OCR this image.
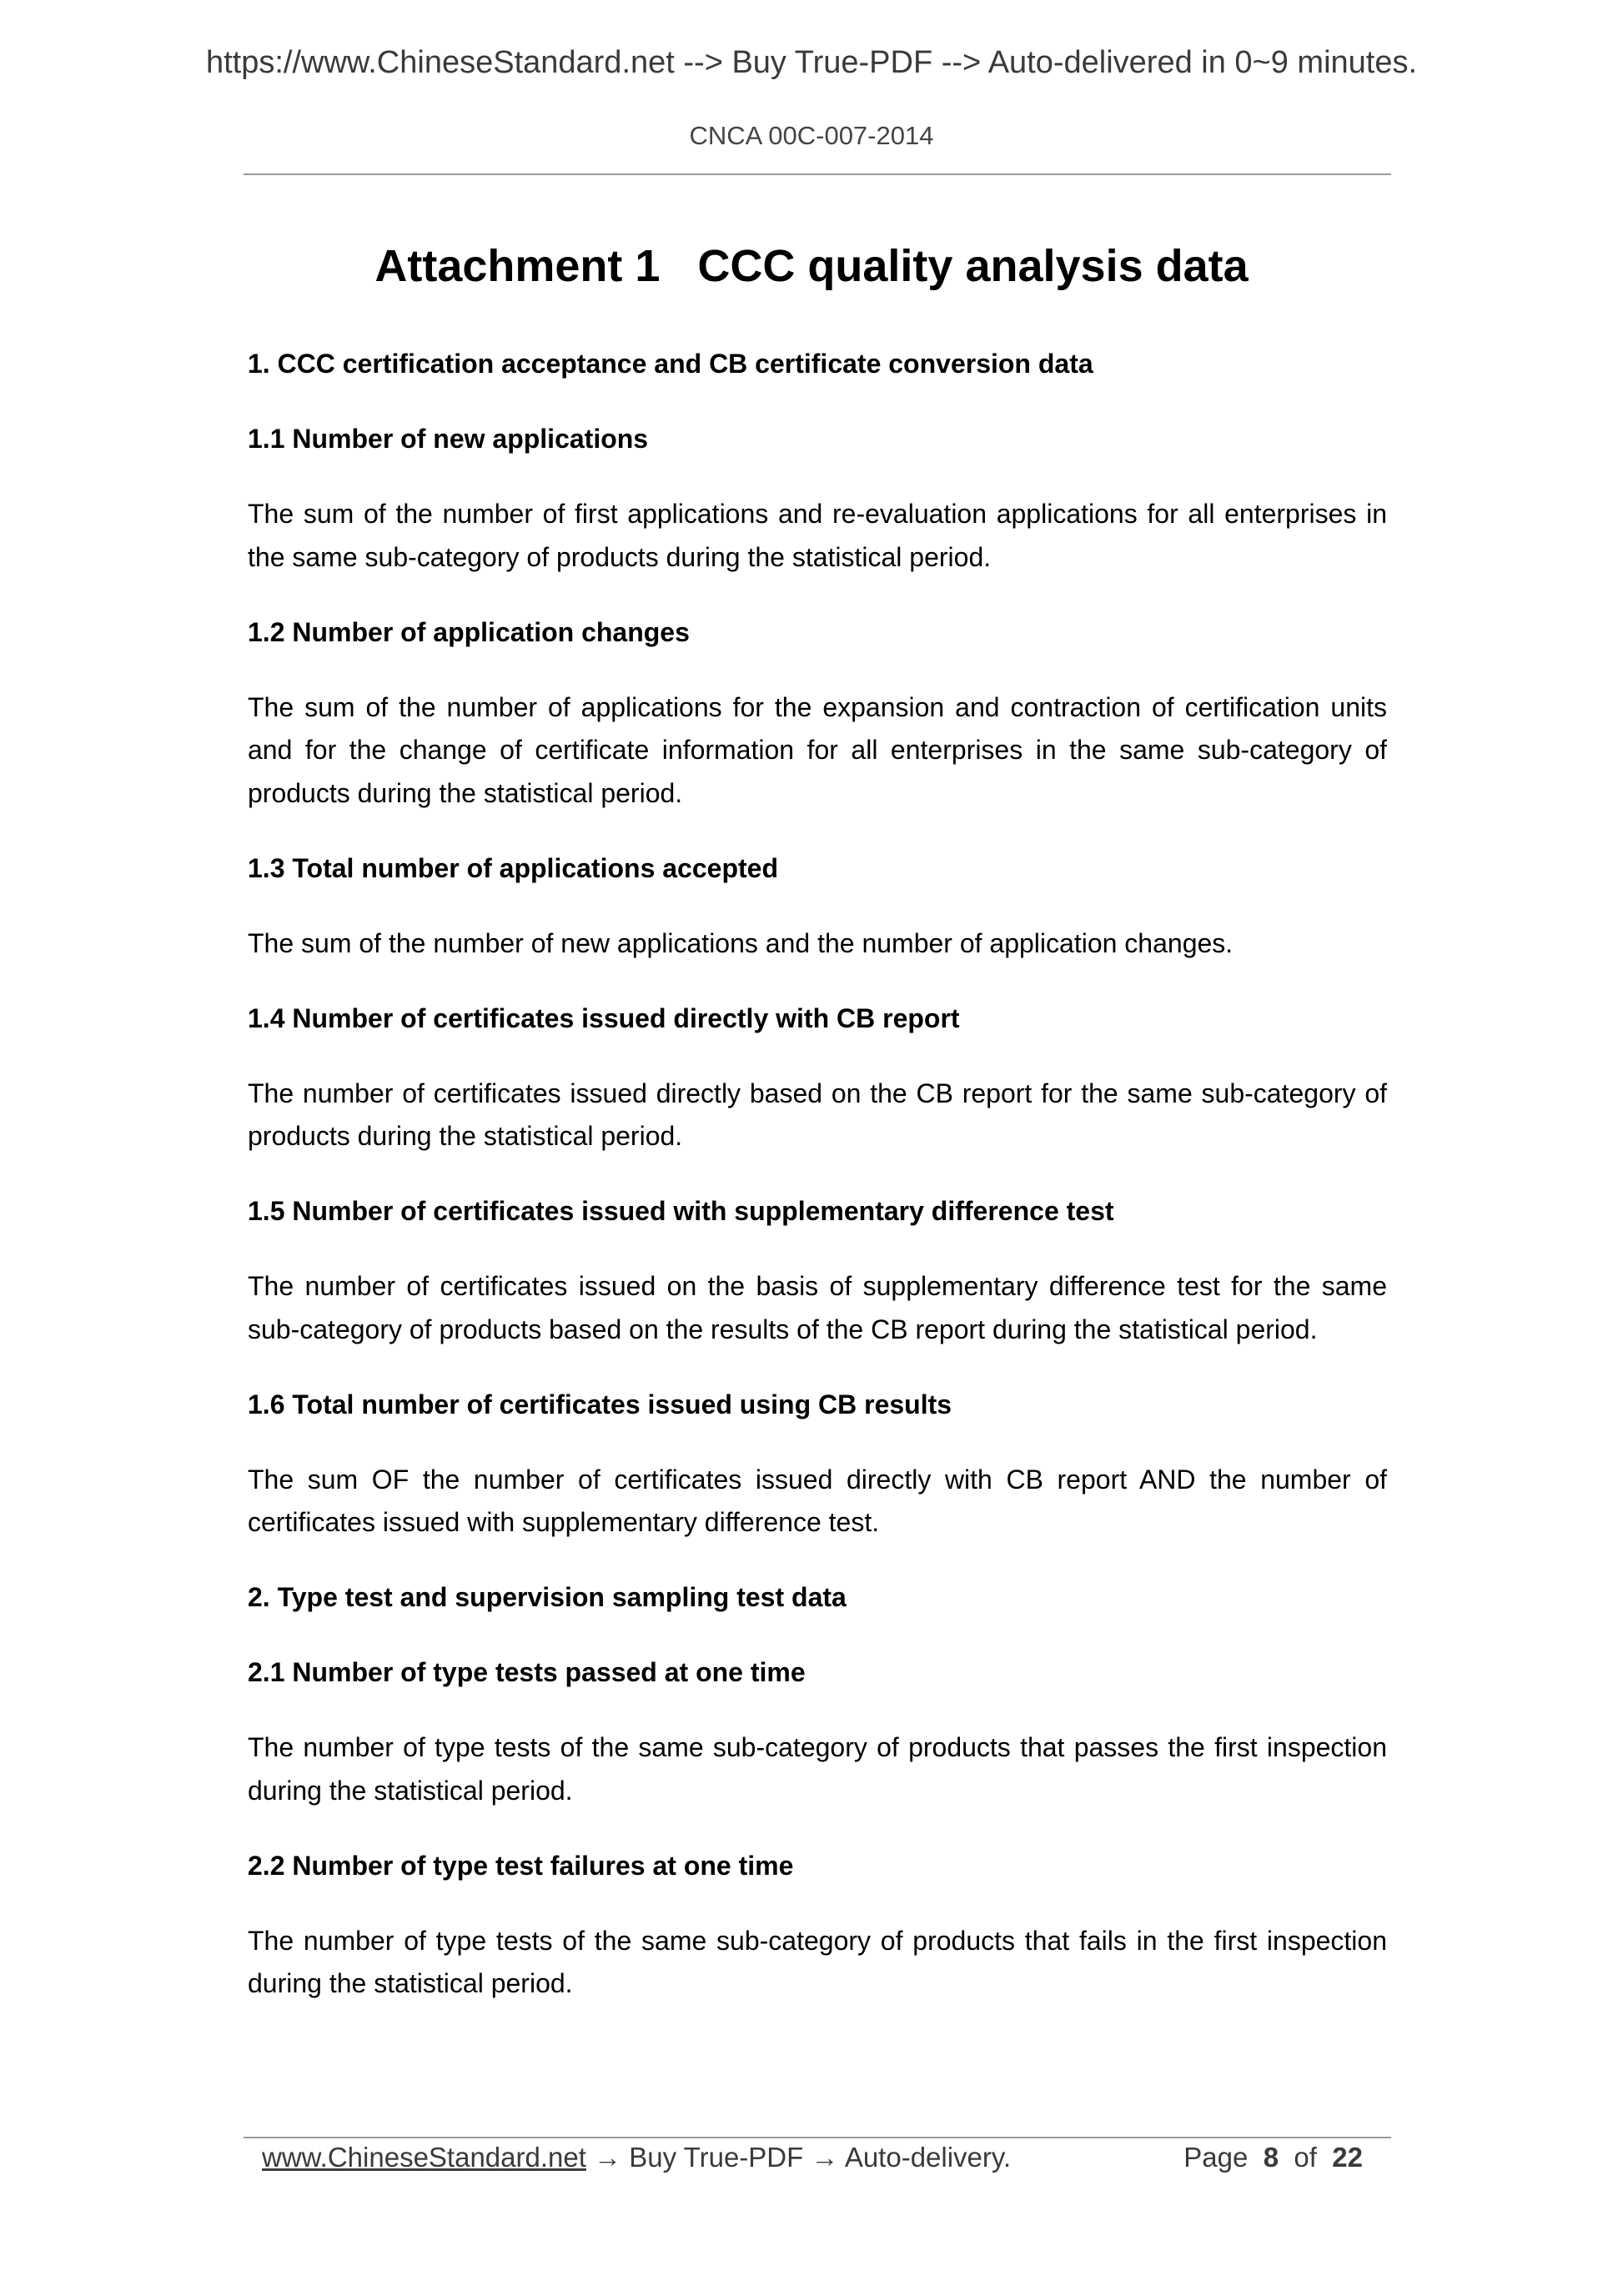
https://www.ChineseStandard.net --> Buy True-PDF --> Auto-delivered in 0~9 minutes.
CNCA 00C-007-2014
Attachment 1   CCC quality analysis data
1. CCC certification acceptance and CB certificate conversion data
1.1 Number of new applications
The sum of the number of first applications and re-evaluation applications for all enterprises in the same sub-category of products during the statistical period.
1.2 Number of application changes
The sum of the number of applications for the expansion and contraction of certification units and for the change of certificate information for all enterprises in the same sub-category of products during the statistical period.
1.3 Total number of applications accepted
The sum of the number of new applications and the number of application changes.
1.4 Number of certificates issued directly with CB report
The number of certificates issued directly based on the CB report for the same sub-category of products during the statistical period.
1.5 Number of certificates issued with supplementary difference test
The number of certificates issued on the basis of supplementary difference test for the same sub-category of products based on the results of the CB report during the statistical period.
1.6 Total number of certificates issued using CB results
The sum OF the number of certificates issued directly with CB report AND the number of certificates issued with supplementary difference test.
2. Type test and supervision sampling test data
2.1 Number of type tests passed at one time
The number of type tests of the same sub-category of products that passes the first inspection during the statistical period.
2.2 Number of type test failures at one time
The number of type tests of the same sub-category of products that fails in the first inspection during the statistical period.
www.ChineseStandard.net → Buy True-PDF → Auto-delivery.	Page 8 of 22
